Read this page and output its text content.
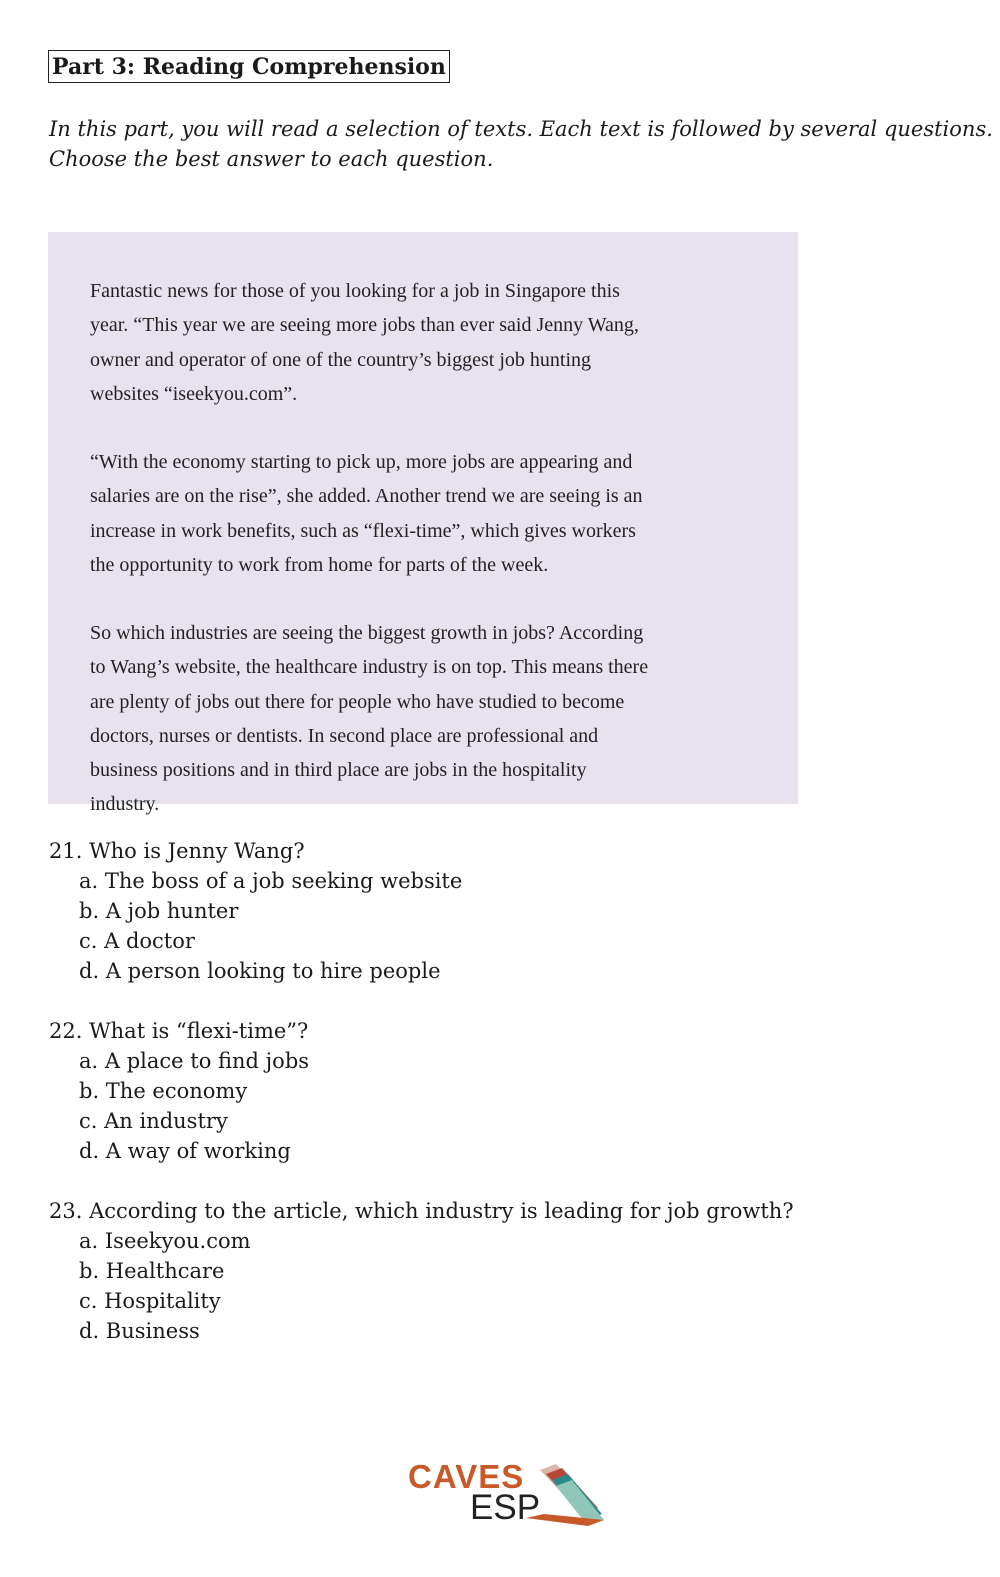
Part 3: Reading Comprehension
In this part, you will read a selection of texts. Each text is followed by several questions.
Choose the best answer to each question.

Fantastic news for those of you looking for a job in Singapore this
year. “This year we are seeing more jobs than ever said Jenny Wang,
owner and operator of one of the country’s biggest job hunting
websites “iseekyou.com”.

“With the economy starting to pick up, more jobs are appearing and
salaries are on the rise”, she added. Another trend we are seeing is an
increase in work benefits, such as “flexi-time”, which gives workers
the opportunity to work from home for parts of the week.

So which industries are seeing the biggest growth in jobs? According
to Wang’s website, the healthcare industry is on top. This means there
are plenty of jobs out there for people who have studied to become
doctors, nurses or dentists. In second place are professional and
business positions and in third place are jobs in the hospitality
industry.

21. Who is Jenny Wang?
a. The boss of a job seeking website
b. A job hunter
c. A doctor
d. A person looking to hire people
22. What is “flexi-time”?
a. A place to find jobs
b. The economy
c. An industry
d. A way of working
23. According to the article, which industry is leading for job growth?
a. Iseekyou.com
b. Healthcare
c. Hospitality
d. Business
CAVES
ESP
